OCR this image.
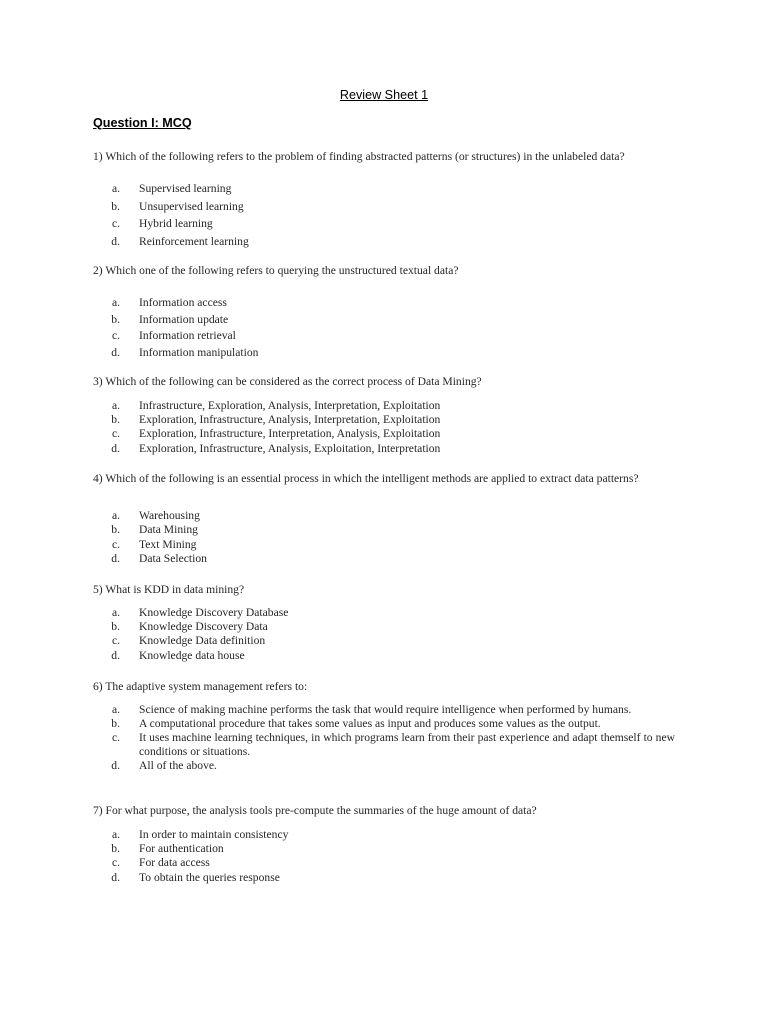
Review Sheet 1
Question I: MCQ

1) Which of the following refers to the problem of finding abstracted patterns (or structures) in the unlabeled data?

a.	Supervised learning
b.	Unsupervised learning
c.	Hybrid learning
d.	Reinforcement learning

2) Which one of the following refers to querying the unstructured textual data?

a.	Information access
b.	Information update
c.	Information retrieval
d.	Information manipulation

3) Which of the following can be considered as the correct process of Data Mining?

a.	Infrastructure, Exploration, Analysis, Interpretation, Exploitation
b.	Exploration, Infrastructure, Analysis, Interpretation, Exploitation
c.	Exploration, Infrastructure, Interpretation, Analysis, Exploitation
d.	Exploration, Infrastructure, Analysis, Exploitation, Interpretation

4) Which of the following is an essential process in which the intelligent methods are applied to extract data patterns?

a.	Warehousing
b.	Data Mining
c.	Text Mining
d.	Data Selection

5) What is KDD in data mining?

a.	Knowledge Discovery Database
b.	Knowledge Discovery Data
c.	Knowledge Data definition
d.	Knowledge data house

6) The adaptive system management refers to:

a.	Science of making machine performs the task that would require intelligence when performed by humans.
b.	A computational procedure that takes some values as input and produces some values as the output.
c.	It uses machine learning techniques, in which programs learn from their past experience and adapt themself to new conditions or situations.
d.	All of the above.

7) For what purpose, the analysis tools pre-compute the summaries of the huge amount of data?

a.	In order to maintain consistency
b.	For authentication
c.	For data access
d.	To obtain the queries response
